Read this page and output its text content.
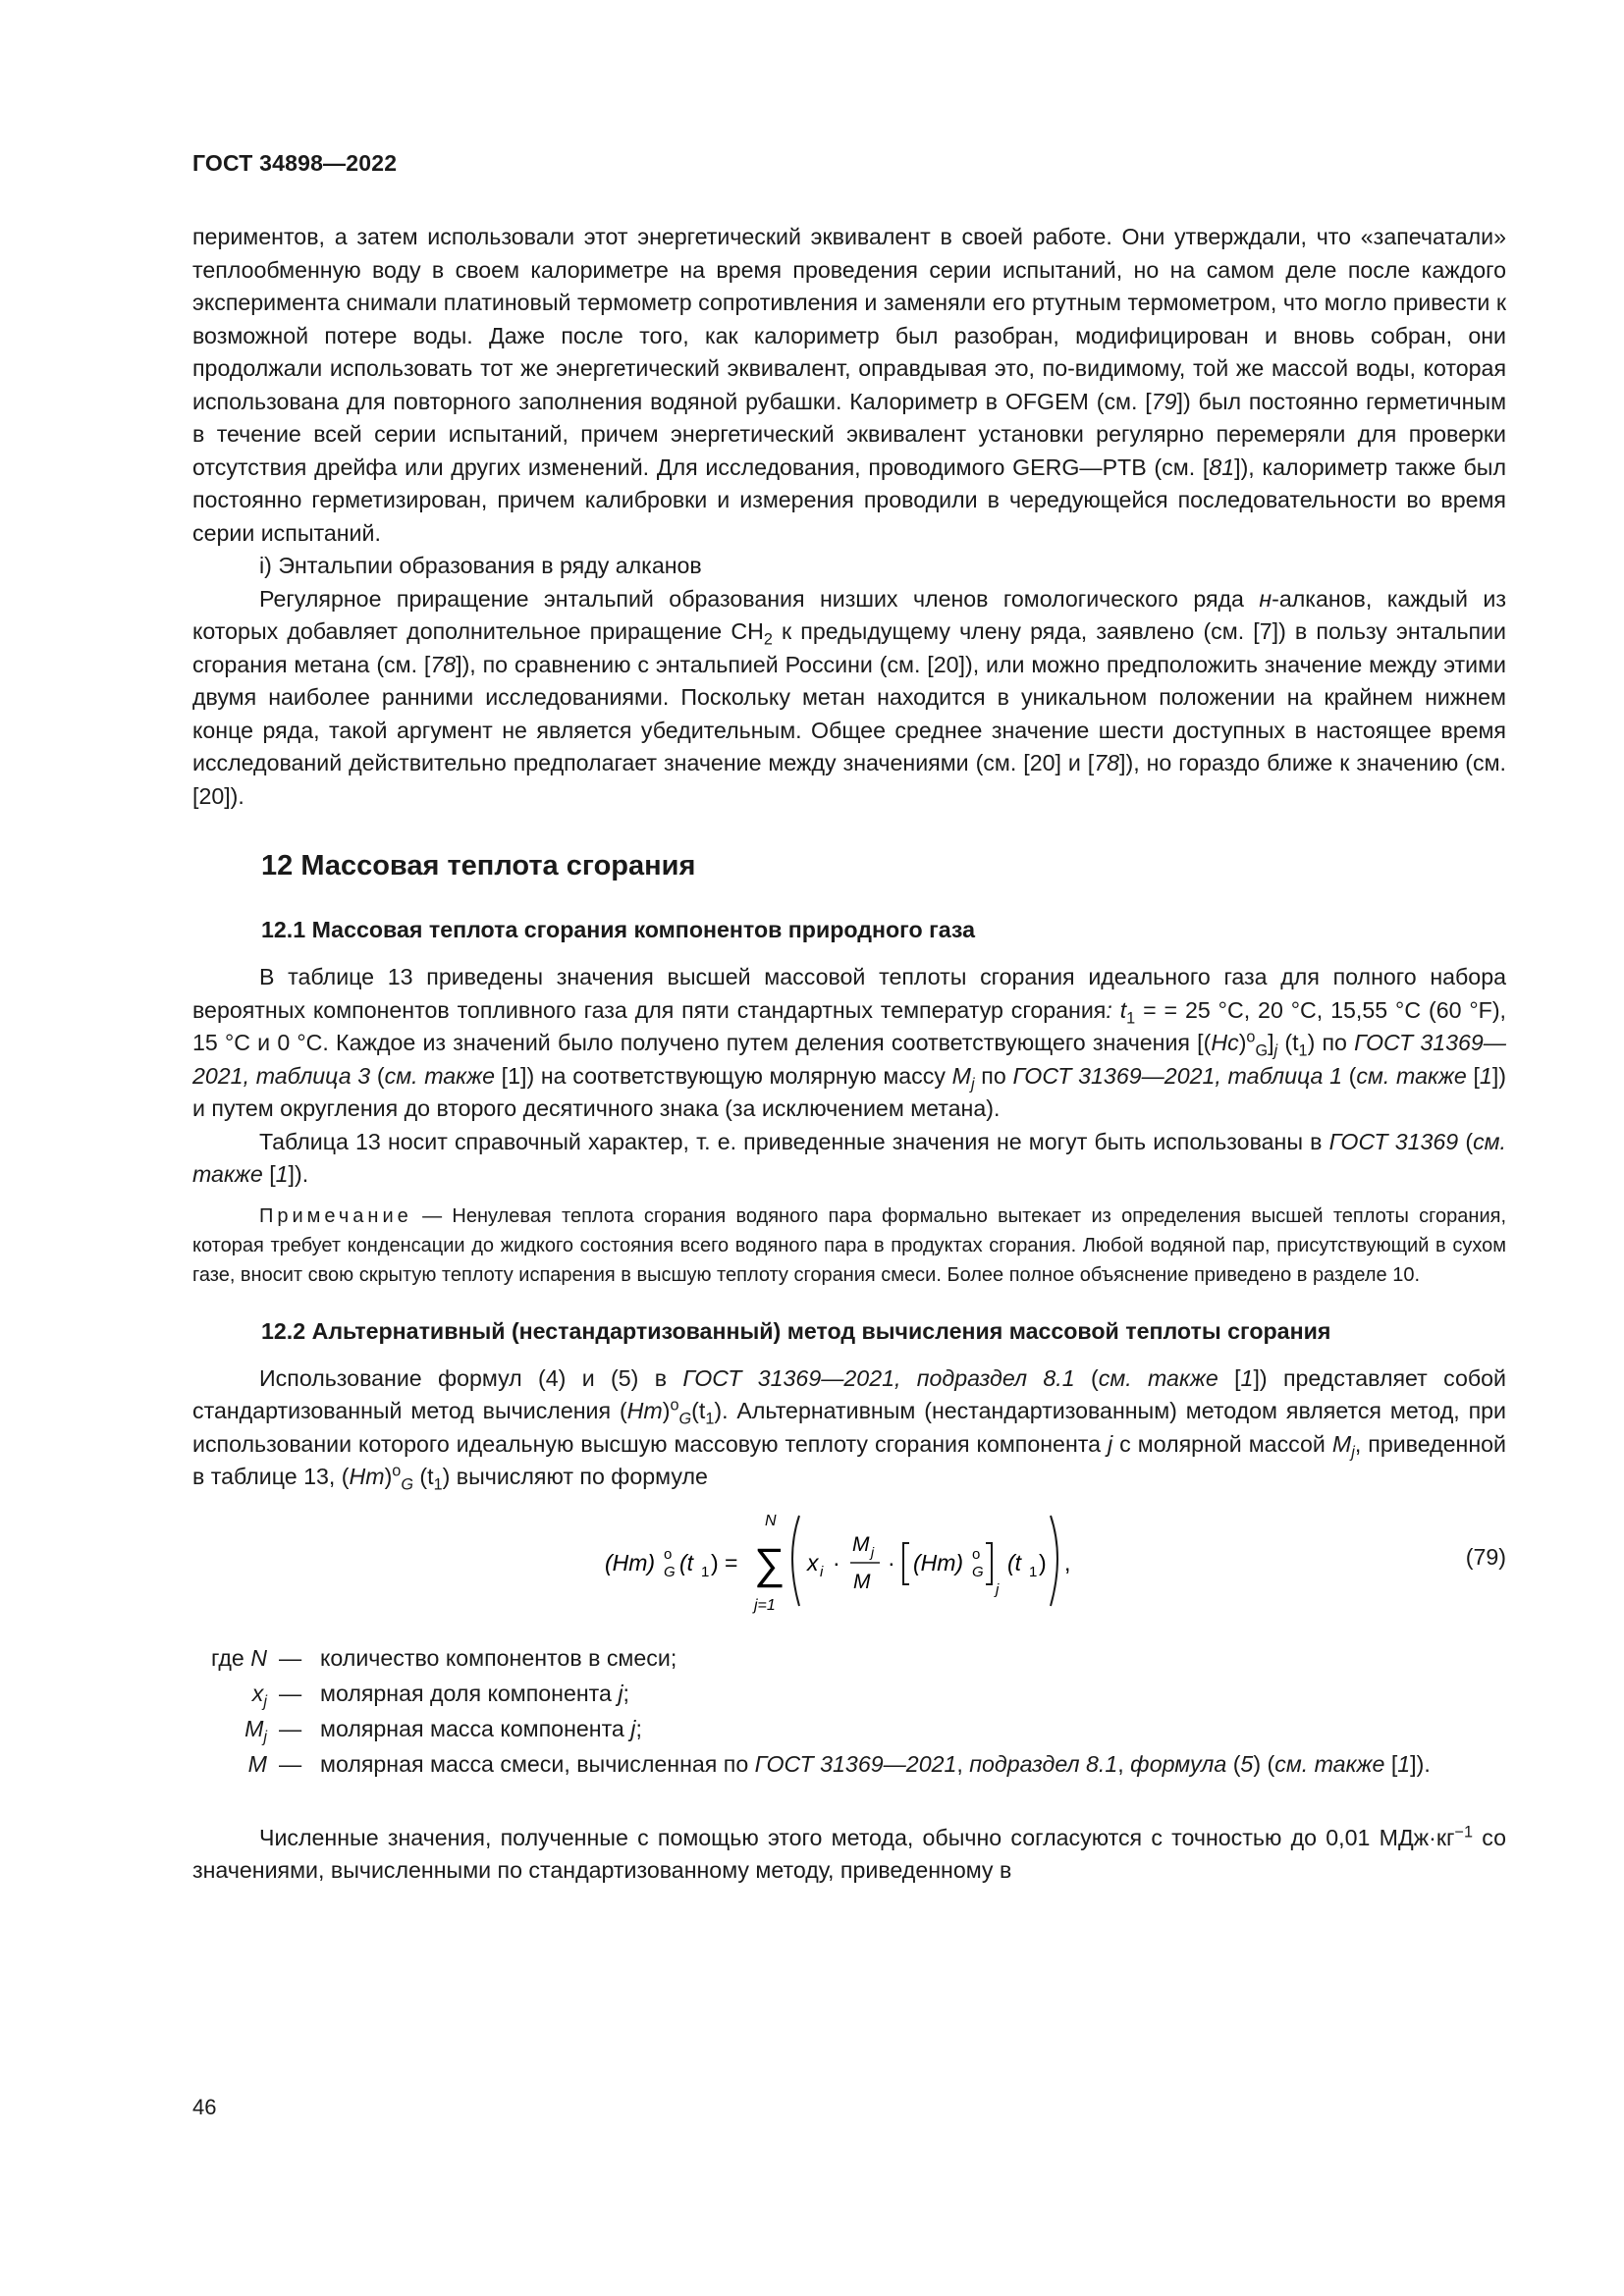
ГОСТ 34898—2022

периментов, а затем использовали этот энергетический эквивалент в своей работе. Они утверждали, что «запечатали» теплообменную воду в своем калориметре на время проведения серии испытаний, но на самом деле после каждого эксперимента снимали платиновый термометр сопротивления и заменяли его ртутным термометром, что могло привести к возможной потере воды. Даже после того, как калориметр был разобран, модифицирован и вновь собран, они продолжали использовать тот же энергетический эквивалент, оправдывая это, по-видимому, той же массой воды, которая использована для повторного заполнения водяной рубашки. Калориметр в OFGEM (см. [79]) был постоянно герметичным в течение всей серии испытаний, причем энергетический эквивалент установки регулярно перемеряли для проверки отсутствия дрейфа или других изменений. Для исследования, проводимого GERG—PTB (см. [81]), калориметр также был постоянно герметизирован, причем калибровки и измерения проводили в чередующейся последовательности во время серии испытаний.

i) Энтальпии образования в ряду алканов

Регулярное приращение энтальпий образования низших членов гомологического ряда н-алканов, каждый из которых добавляет дополнительное приращение $CH_2$ к предыдущему члену ряда, заявлено (см. [7]) в пользу энтальпии сгорания метана (см. [78]), по сравнению с энтальпией Россини (см. [20]), или можно предположить значение между этими двумя наиболее ранними исследованиями. Поскольку метан находится в уникальном положении на крайнем нижнем конце ряда, такой аргумент не является убедительным. Общее среднее значение шести доступных в настоящее время исследований действительно предполагает значение между значениями (см. [20] и [78]), но гораздо ближе к значению (см. [20]).

12 Массовая теплота сгорания
12.1 Массовая теплота сгорания компонентов природного газа

В таблице 13 приведены значения высшей массовой теплоты сгорания идеального газа для полного набора вероятных компонентов топливного газа для пяти стандартных температур сгорания: $t_1$ = = 25 °C, 20 °C, 15,55 °C (60 °F), 15 °C и 0 °C. Каждое из значений было получено путем деления соответствующего значения $[(Hc)^o_G]_j$ $(t_1)$ по ГОСТ 31369—2021, таблица 3 (см. также [1]) на соответствующую молярную массу $M_j$ по ГОСТ 31369—2021, таблица 1 (см. также [1]) и путем округления до второго десятичного знака (за исключением метана).

Таблица 13 носит справочный характер, т. е. приведенные значения не могут быть использованы в ГОСТ 31369 (см. также [1]).

Примечание — Ненулевая теплота сгорания водяного пара формально вытекает из определения высшей теплоты сгорания, которая требует конденсации до жидкого состояния всего водяного пара в продуктах сгорания. Любой водяной пар, присутствующий в сухом газе, вносит свою скрытую теплоту испарения в высшую теплоту сгорания смеси. Более полное объяснение приведено в разделе 10.

12.2 Альтернативный (нестандартизованный) метод вычисления массовой теплоты сгорания

Использование формул (4) и (5) в ГОСТ 31369—2021, подраздел 8.1 (см. также [1]) представляет собой стандартизованный метод вычисления $(Hm)^o_G(t_1)$. Альтернативным (нестандартизованным) методом является метод, при использовании которого идеальную высшую массовую теплоту сгорания компонента j с молярной массой $M_j$, приведенной в таблице 13, $(Hm)^o_G$ $(t_1)$ вычисляют по формуле

(Hm) o
G (t 1 ) =
N
∑
j=1
x i ·
M j
M
· (Hm) o
G
j
(t 1 ) ,	(79)
где N — количество компонентов в смеси;
$x_j$ — молярная доля компонента j;
$M_j$ — молярная масса компонента j;
M — молярная масса смеси, вычисленная по ГОСТ 31369—2021, подраздел 8.1, формула (5) (см. также [1]).

Численные значения, полученные с помощью этого метода, обычно согласуются с точностью до 0,01 $МДж\cdot кг^{-1}$ со значениями, вычисленными по стандартизованному методу, приведенному в

46
